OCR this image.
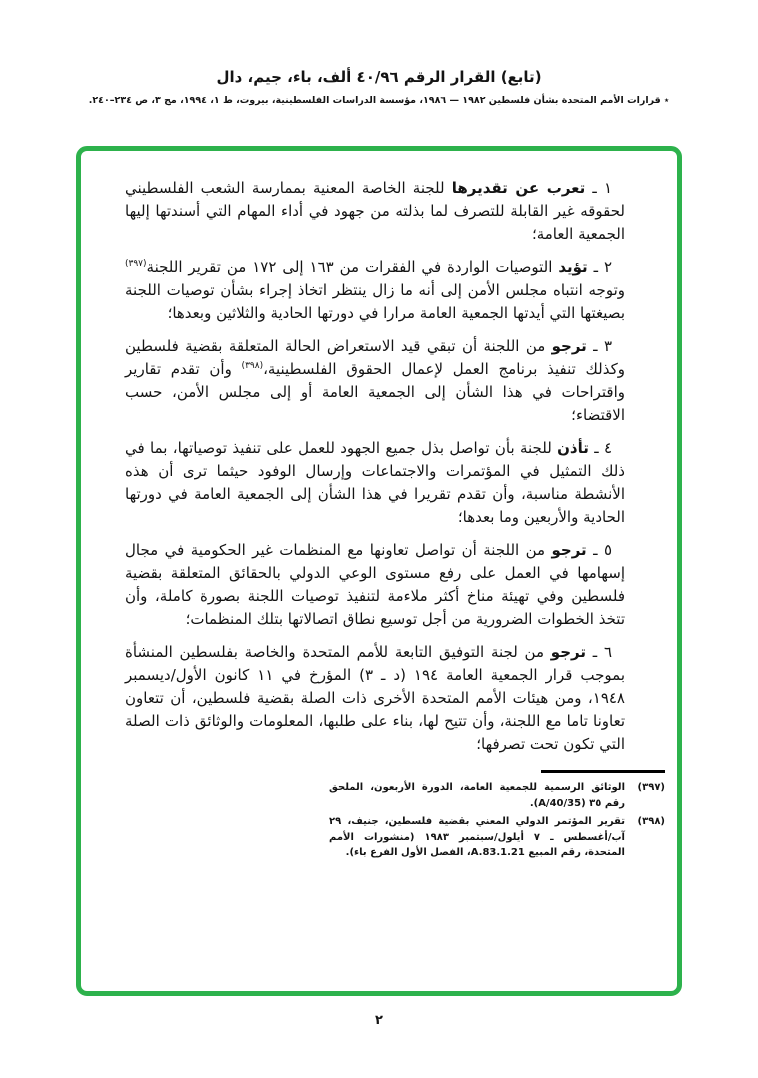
(تابع) القرار الرقم ٤٠/٩٦ ألف، باء، جيم، دال
٭ قرارات الأمم المتحدة بشأن فلسطين ١٩٨٢ — ١٩٨٦، مؤسسة الدراسات الفلسطينية، بيروت، ط ١، ١٩٩٤، مج ٣، ص ٢٣٤–٢٤٠.

١ ـ تعرب عن تقديرها للجنة الخاصة المعنية بممارسة الشعب الفلسطيني لحقوقه غير القابلة للتصرف لما بذلته من جهود في أداء المهام التي أسندتها إليها الجمعية العامة؛

٢ ـ تؤيد التوصيات الواردة في الفقرات من ١٦٣ إلى ١٧٢ من تقرير اللجنة$^{(٣٩٧)}$ وتوجه انتباه مجلس الأمن إلى أنه ما زال ينتظر اتخاذ إجراء بشأن توصيات اللجنة بصيغتها التي أيدتها الجمعية العامة مرارا في دورتها الحادية والثلاثين وبعدها؛

٣ ـ ترجو من اللجنة أن تبقي قيد الاستعراض الحالة المتعلقة بقضية فلسطين وكذلك تنفيذ برنامج العمل لإعمال الحقوق الفلسطينية،$^{(٣٩٨)}$ وأن تقدم تقارير واقتراحات في هذا الشأن إلى الجمعية العامة أو إلى مجلس الأمن، حسب الاقتضاء؛

٤ ـ تأذن للجنة بأن تواصل بذل جميع الجهود للعمل على تنفيذ توصياتها، بما في ذلك التمثيل في المؤتمرات والاجتماعات وإرسال الوفود حيثما ترى أن هذه الأنشطة مناسبة، وأن تقدم تقريرا في هذا الشأن إلى الجمعية العامة في دورتها الحادية والأربعين وما بعدها؛

٥ ـ ترجو من اللجنة أن تواصل تعاونها مع المنظمات غير الحكومية في مجال إسهامها في العمل على رفع مستوى الوعي الدولي بالحقائق المتعلقة بقضية فلسطين وفي تهيئة مناخ أكثر ملاءمة لتنفيذ توصيات اللجنة بصورة كاملة، وأن تتخذ الخطوات الضرورية من أجل توسيع نطاق اتصالاتها بتلك المنظمات؛

٦ ـ ترجو من لجنة التوفيق التابعة للأمم المتحدة والخاصة بفلسطين المنشأة بموجب قرار الجمعية العامة ١٩٤ (د ـ ٣) المؤرخ في ١١ كانون الأول/ديسمبر ١٩٤٨، ومن هيئات الأمم المتحدة الأخرى ذات الصلة بقضية فلسطين، أن تتعاون تعاونا تاما مع اللجنة، وأن تتيح لها، بناء على طلبها، المعلومات والوثائق ذات الصلة التي تكون تحت تصرفها؛

(٣٩٧)
الوثائق الرسمية للجمعية العامة، الدورة الأربعون، الملحق رقم ٣٥ (A/40/35).
(٣٩٨)
تقرير المؤتمر الدولي المعني بقضية فلسطين، جنيف، ٢٩ آب/أغسطس ـ ٧ أيلول/سبتمبر ١٩٨٣ (منشورات الأمم المتحدة، رقم المبيع A.83.1.21، الفصل الأول الفرع باء).
٢
